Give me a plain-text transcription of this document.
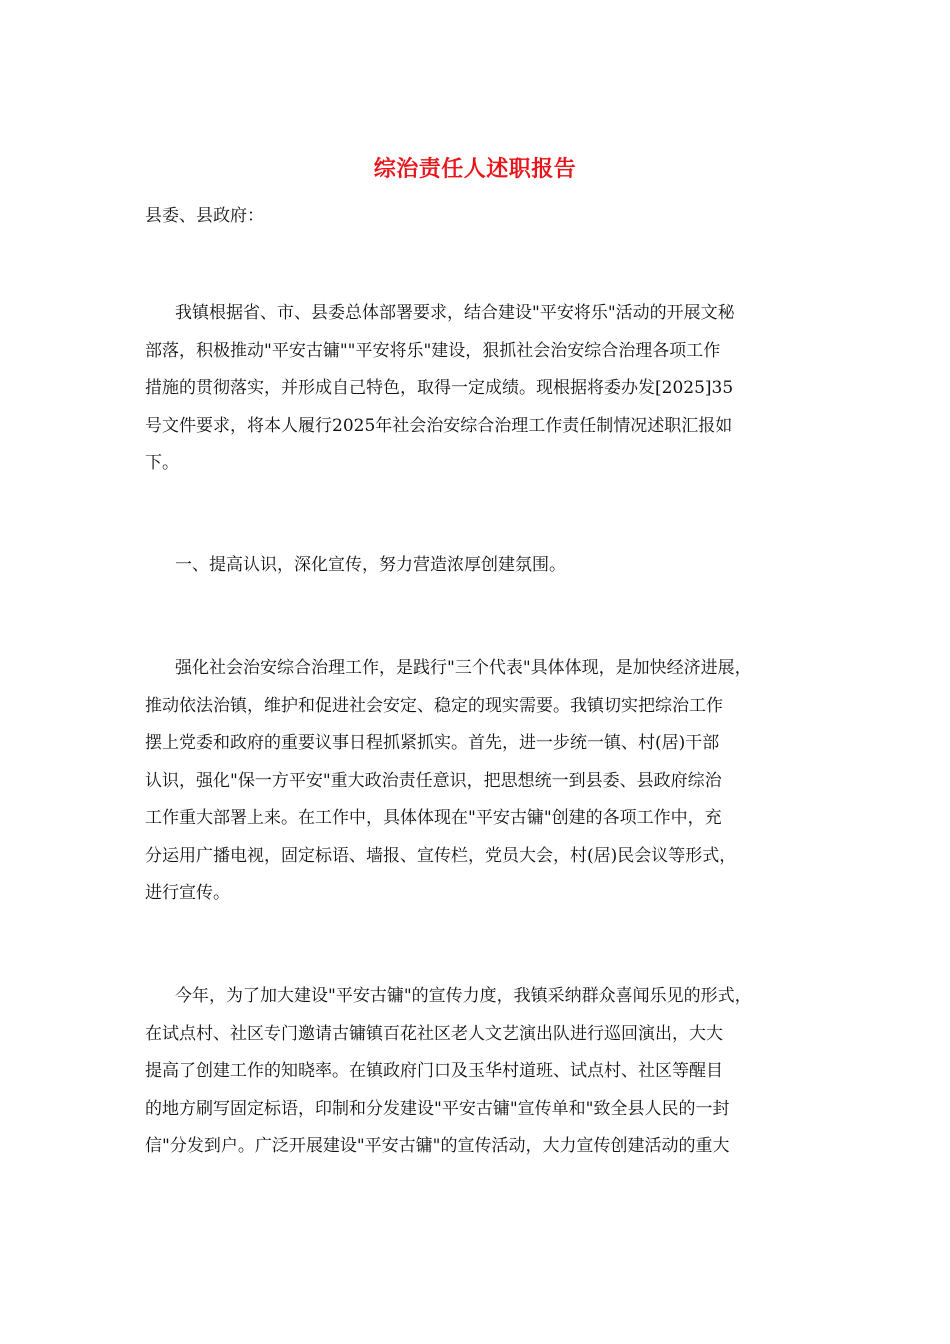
综治责任人述职报告
县委、县政府：
我镇根据省、市、县委总体部署要求，结合建设"平安将乐"活动的开展文秘
部落，积极推动"平安古镛""平安将乐"建设，狠抓社会治安综合治理各项工作
措施的贯彻落实，并形成自己特色，取得一定成绩。现根据将委办发[2025]35
号文件要求，将本人履行2025年社会治安综合治理工作责任制情况述职汇报如
下。
一、提高认识，深化宣传，努力营造浓厚创建氛围。
强化社会治安综合治理工作，是践行"三个代表"具体体现，是加快经济进展，
推动依法治镇，维护和促进社会安定、稳定的现实需要。我镇切实把综治工作
摆上党委和政府的重要议事日程抓紧抓实。首先，进一步统一镇、村(居)干部
认识，强化"保一方平安"重大政治责任意识，把思想统一到县委、县政府综治
工作重大部署上来。在工作中，具体体现在"平安古镛"创建的各项工作中，充
分运用广播电视，固定标语、墙报、宣传栏，党员大会，村(居)民会议等形式，
进行宣传。
今年，为了加大建设"平安古镛"的宣传力度，我镇采纳群众喜闻乐见的形式，
在试点村、社区专门邀请古镛镇百花社区老人文艺演出队进行巡回演出，大大
提高了创建工作的知晓率。在镇政府门口及玉华村道班、试点村、社区等醒目
的地方刷写固定标语，印制和分发建设"平安古镛"宣传单和"致全县人民的一封
信"分发到户。广泛开展建设"平安古镛"的宣传活动，大力宣传创建活动的重大
